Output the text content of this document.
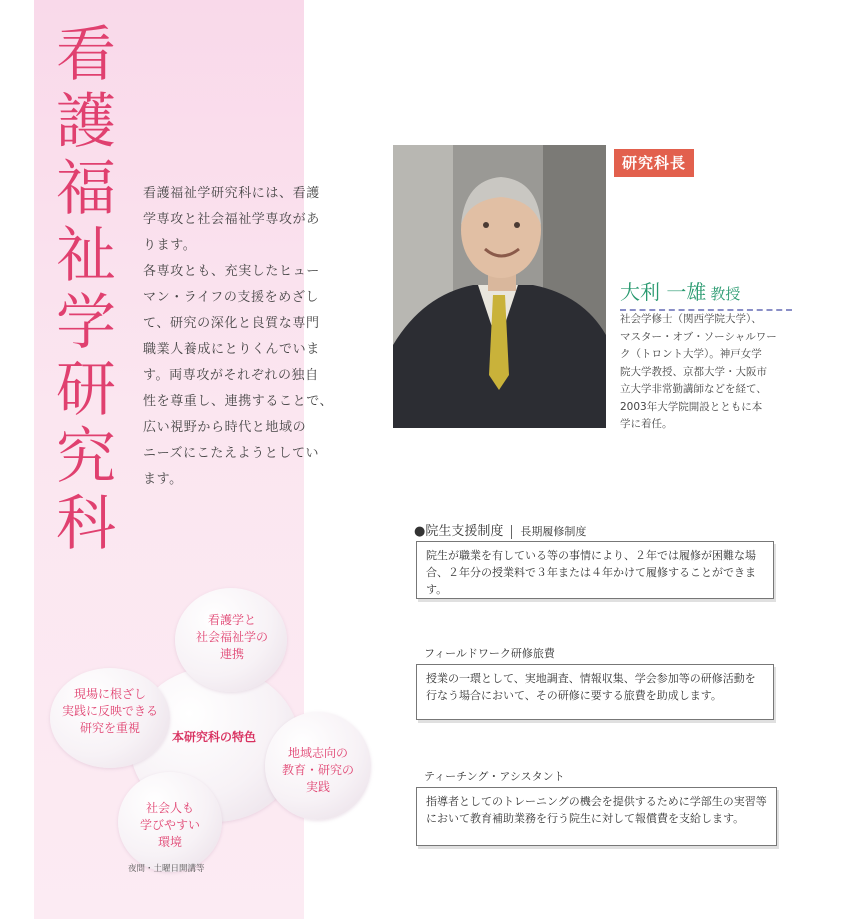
看
護
福
祉
学
研
究
科

看護福祉学研究科には、看護

学専攻と社会福祉学専攻があ

ります。

各専攻とも、充実したヒュー

マン・ライフの支援をめざし

て、研究の深化と良質な専門

職業人養成にとりくんでいま

す。両専攻がそれぞれの独自

性を尊重し、連携することで、

広い視野から時代と地域の

ニーズにこたえようとしてい

ます。

研究科長
大利 一雄 教授
社会学修士（関西学院大学）、
マスター・オブ・ソーシャルワー
ク（トロント大学）。神戸女学
院大学教授、京都大学・大阪市
立大学非常勤講師などを経て、
2003年大学院開設とともに本
学に着任。
●院生支援制度 長期履修制度
院生が職業を有している等の事情により、２年では履修が困難な場合、２年分の授業料で３年または４年かけて履修することができます。
フィールドワーク研修旅費
授業の一環として、実地調査、情報収集、学会参加等の研修活動を行なう場合において、その研修に要する旅費を助成します。
ティーチング・アシスタント
指導者としてのトレーニングの機会を提供するために学部生の実習等において教育補助業務を行う院生に対して報償費を支給します。
看護学と
社会福祉学の
連携
現場に根ざし
実践に反映できる
研究を重視
地域志向の
教育・研究の
実践
社会人も
学びやすい
環境
本研究科の特色
夜間・土曜日開講等
